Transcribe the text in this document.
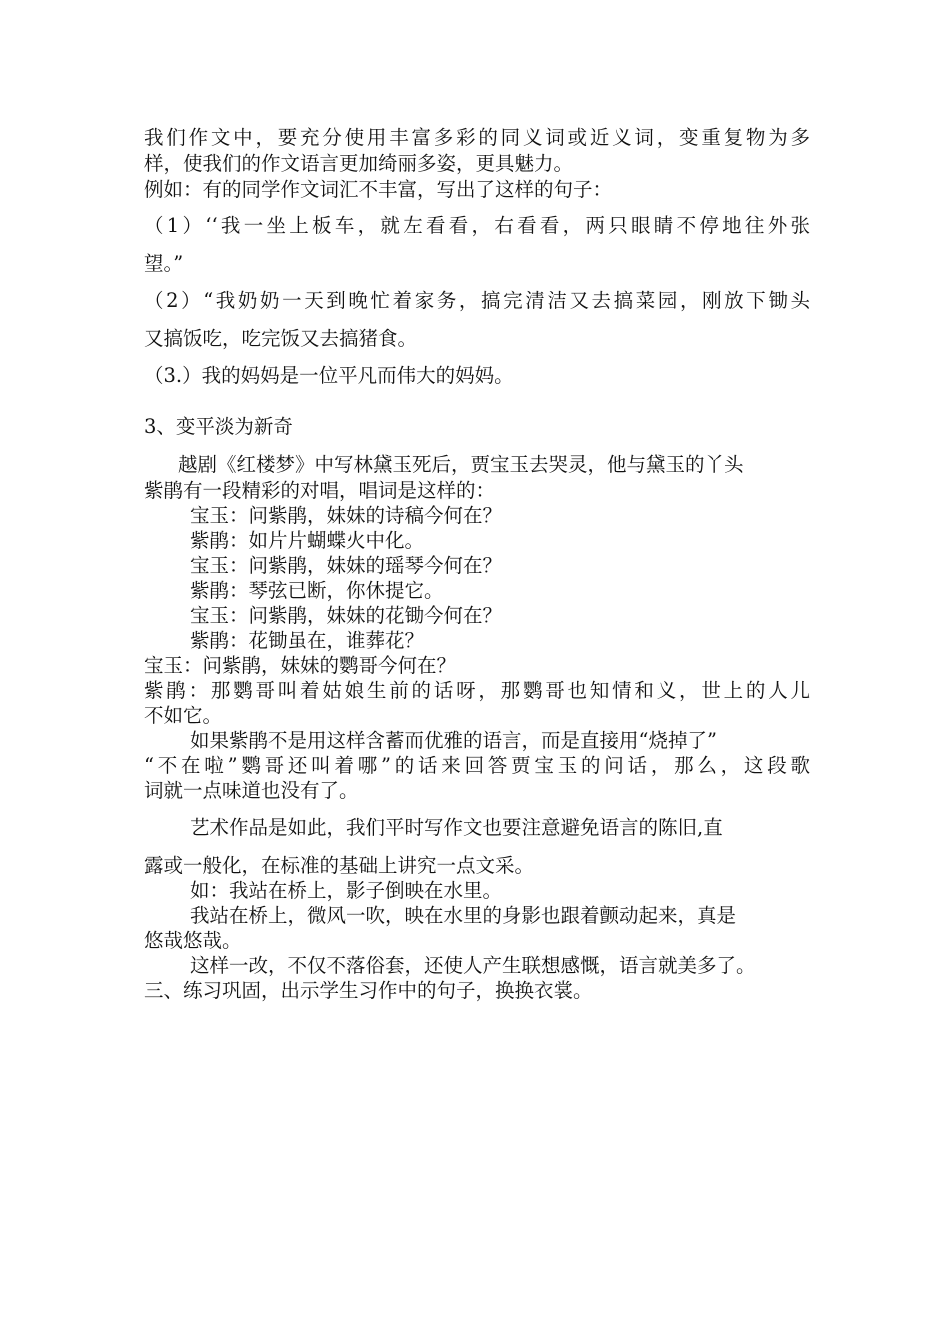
我们作文中，要充分使用丰富多彩的同义词或近义词，变重复物为多
样，使我们的作文语言更加绮丽多姿，更具魅力。
例如：有的同学作文词汇不丰富，写出了这样的句子：
（1）‘‘我一坐上板车，就左看看，右看看，两只眼睛不停地往外张
望。”
（2）“我奶奶一天到晚忙着家务，搞完清洁又去搞菜园，刚放下锄头
又搞饭吃，吃完饭又去搞猪食。
（3.）我的妈妈是一位平凡而伟大的妈妈。
3、变平淡为新奇
越剧《红楼梦》中写林黛玉死后，贾宝玉去哭灵，他与黛玉的丫头
紫鹃有一段精彩的对唱，唱词是这样的：
宝玉：问紫鹃，妹妹的诗稿今何在？
紫鹃：如片片蝴蝶火中化。
宝玉：问紫鹃，妹妹的瑶琴今何在？
紫鹃：琴弦已断，你休提它。
宝玉：问紫鹃，妹妹的花锄今何在？
紫鹃：花锄虽在，谁葬花？
宝玉：问紫鹃，妹妹的鹦哥今何在？
紫鹃：那鹦哥叫着姑娘生前的话呀，那鹦哥也知情和义，世上的人儿
不如它。
如果紫鹃不是用这样含蓄而优雅的语言，而是直接用“烧掉了”
“不在啦”鹦哥还叫着哪”的话来回答贾宝玉的问话，那么，这段歌
词就一点味道也没有了。
艺术作品是如此，我们平时写作文也要注意避免语言的陈旧,直
露或一般化，在标准的基础上讲究一点文采。
如：我站在桥上，影子倒映在水里。
我站在桥上，微风一吹，映在水里的身影也跟着颤动起来，真是
悠哉悠哉。
这样一改，不仅不落俗套，还使人产生联想感慨，语言就美多了。
三、练习巩固，出示学生习作中的句子，换换衣裳。
